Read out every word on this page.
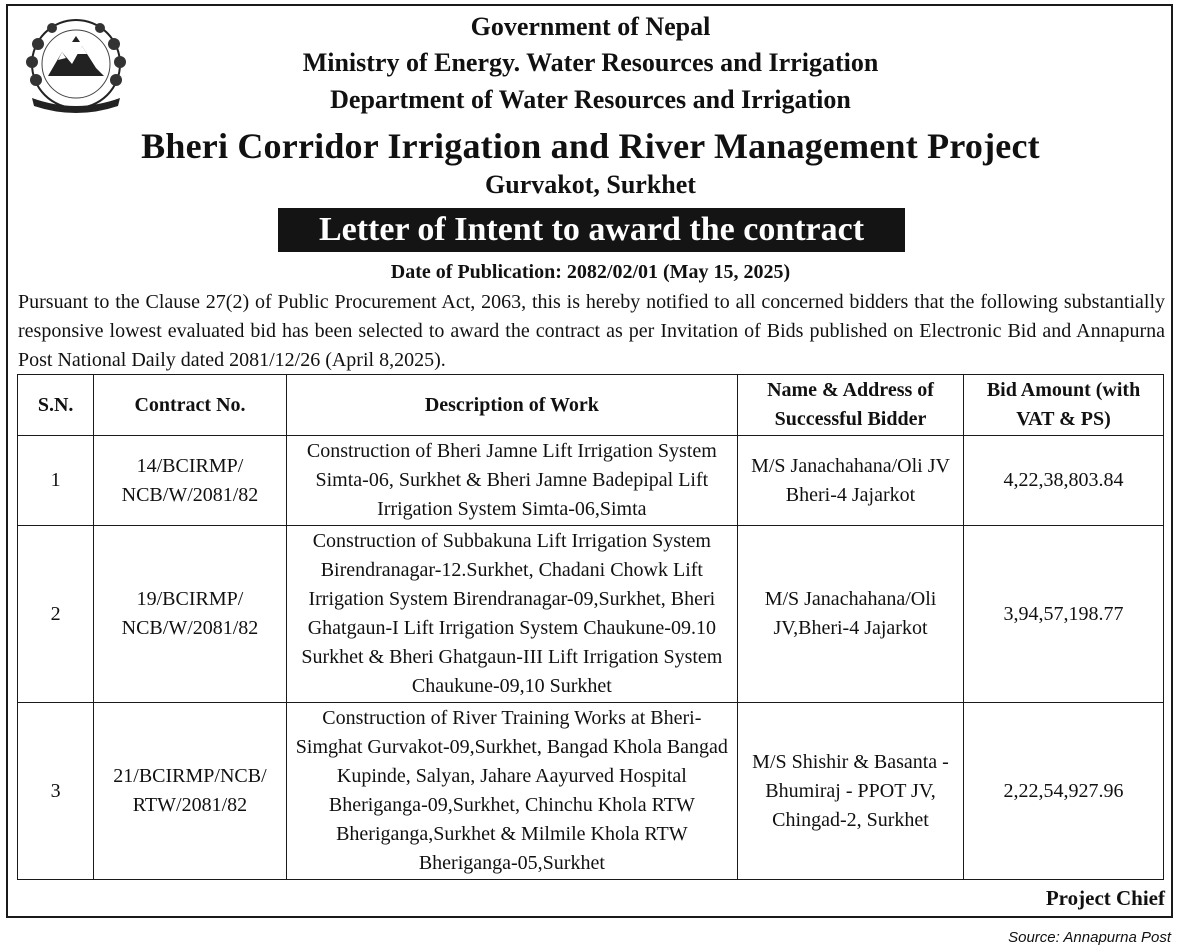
Government of Nepal
Ministry of Energy. Water Resources and Irrigation
Department of Water Resources and Irrigation
Bheri Corridor Irrigation and River Management Project
Gurvakot, Surkhet
Letter of Intent to award the contract
Date of Publication: 2082/02/01 (May 15, 2025)
Pursuant to the Clause 27(2) of Public Procurement Act, 2063, this is hereby notified to all concerned bidders that the following substantially responsive lowest evaluated bid has been selected to award the contract as per Invitation of Bids published on Electronic Bid and Annapurna Post National Daily dated 2081/12/26 (April 8,2025).
S.N.	Contract No.	Description of Work	Name & Address of Successful Bidder	Bid Amount (with VAT & PS)
1	14/BCIRMP/ NCB/W/2081/82	Construction of Bheri Jamne Lift Irrigation System Simta-06, Surkhet & Bheri Jamne Badepipal Lift Irrigation System Simta-06,Simta	M/S Janachahana/Oli JV Bheri-4 Jajarkot	4,22,38,803.84
2	19/BCIRMP/ NCB/W/2081/82	Construction of Subbakuna Lift Irrigation System Birendranagar-12.Surkhet, Chadani Chowk Lift Irrigation System Birendranagar-09,Surkhet, Bheri Ghatgaun-I Lift Irrigation System Chaukune-09.10 Surkhet & Bheri Ghatgaun-III Lift Irrigation System Chaukune-09,10 Surkhet	M/S Janachahana/Oli JV,Bheri-4 Jajarkot	3,94,57,198.77
3	21/BCIRMP/NCB/ RTW/2081/82	Construction of River Training Works at Bheri-Simghat Gurvakot-09,Surkhet, Bangad Khola Bangad Kupinde, Salyan, Jahare Aayurved Hospital Bheriganga-09,Surkhet, Chinchu Khola RTW Bheriganga,Surkhet & Milmile Khola RTW Bheriganga-05,Surkhet	M/S Shishir & Basanta - Bhumiraj - PPOT JV, Chingad-2, Surkhet	2,22,54,927.96
Project Chief
Source: Annapurna Post
